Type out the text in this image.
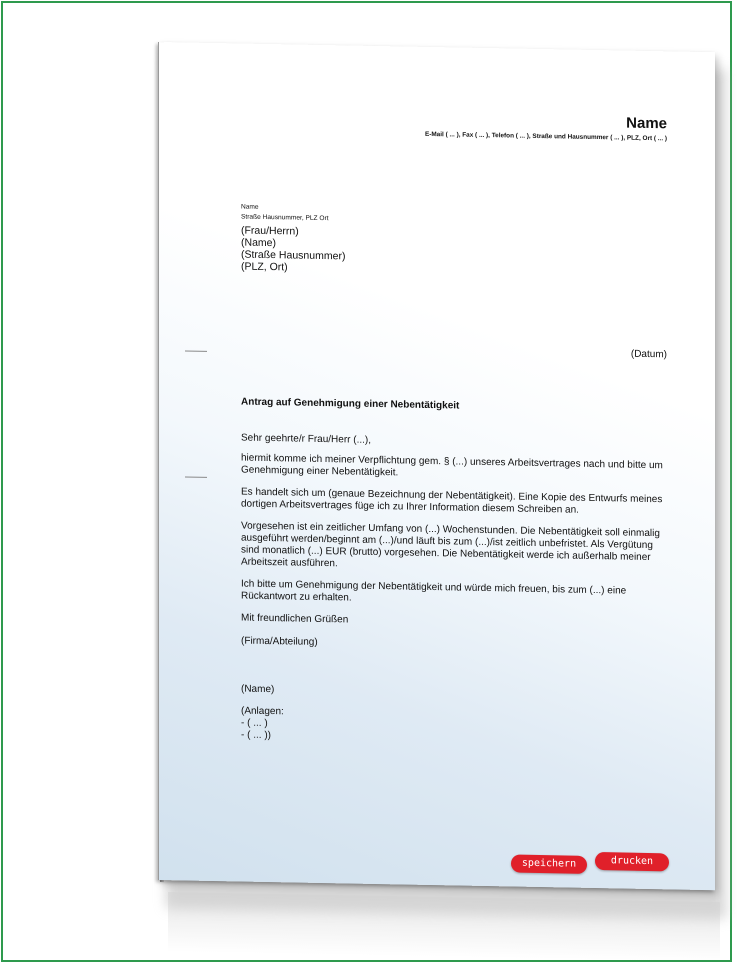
Name
E-Mail ( ... ), Fax ( ... ), Telefon ( ... ), Straße und Hausnummer ( ... ), PLZ, Ort ( ... )
Name
Straße Hausnummer, PLZ Ort
(Frau/Herrn)
(Name)
(Straße Hausnummer)
(PLZ, Ort)
(Datum)
Antrag auf Genehmigung einer Nebentätigkeit
Sehr geehrte/r Frau/Herr (...),
hiermit komme ich meiner Verpflichtung gem. § (...) unseres Arbeitsvertrages nach und bitte um Genehmigung einer Nebentätigkeit.
Es handelt sich um (genaue Bezeichnung der Nebentätigkeit). Eine Kopie des Entwurfs meines dortigen Arbeitsvertrages füge ich zu Ihrer Information diesem Schreiben an.
Vorgesehen ist ein zeitlicher Umfang von (...) Wochenstunden. Die Nebentätigkeit soll einmalig ausgeführt werden/beginnt am (...)/und läuft bis zum (...)/ist zeitlich unbefristet. Als Vergütung sind monatlich (...) EUR (brutto) vorgesehen. Die Nebentätigkeit werde ich außerhalb meiner Arbeitszeit ausführen.
Ich bitte um Genehmigung der Nebentätigkeit und würde mich freuen, bis zum (...) eine Rückantwort zu erhalten.
Mit freundlichen Grüßen
(Firma/Abteilung)
(Name)
(Anlagen:
- ( ... )
- ( ... ))
speichern	drucken
